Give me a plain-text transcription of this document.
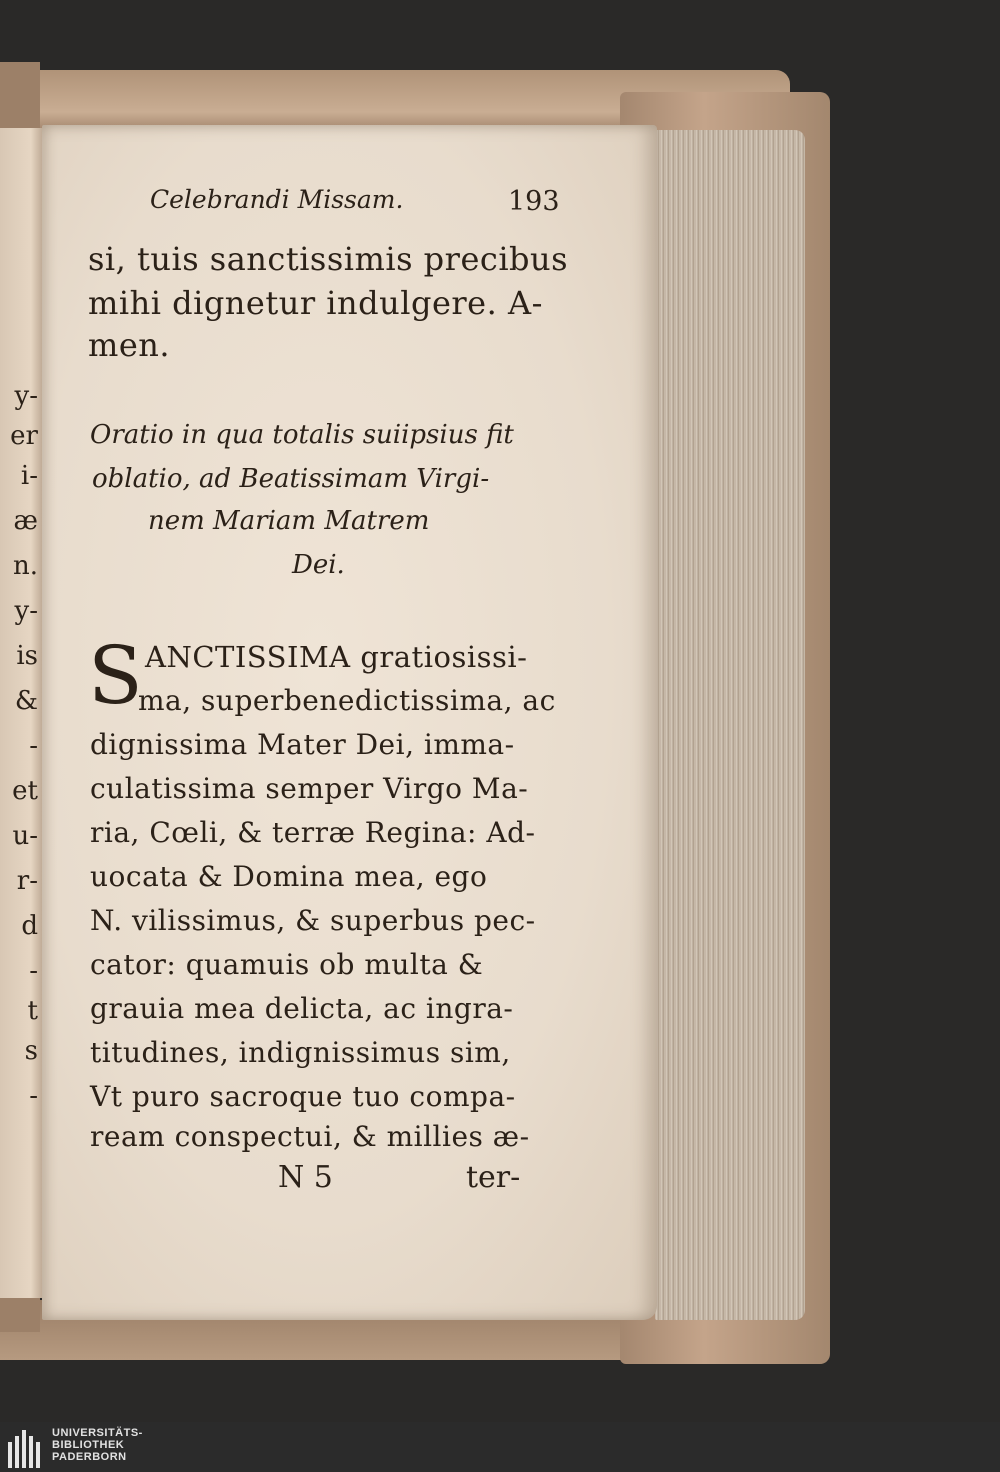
y-
er
i-
æ
n.
y-
is
&
-
et
u-
r-
d
-
t
s
-
Celebrandi Missam.	193
si, tuis sanctissimis precibus
mihi dignetur indulgere. A-
men.
Oratio in qua totalis suiipsius fit
oblatio, ad Beatissimam Virgi-
nem Mariam Matrem
Dei.
S ANCTISSIMA gratiosissi-
ma, superbenedictissima, ac
dignissima Mater Dei, imma-
culatissima semper Virgo Ma-
ria, Cœli, & terræ Regina: Ad-
uocata & Domina mea, ego
N. vilissimus, & superbus pec-
cator: quamuis ob multa &
grauia mea delicta, ac ingra-
titudines, indignissimus sim,
Vt puro sacroque tuo compa-
ream conspectui, & millies æ-
N 5	ter-
UNIVERSITÄTS-
BIBLIOTHEK
PADERBORN
